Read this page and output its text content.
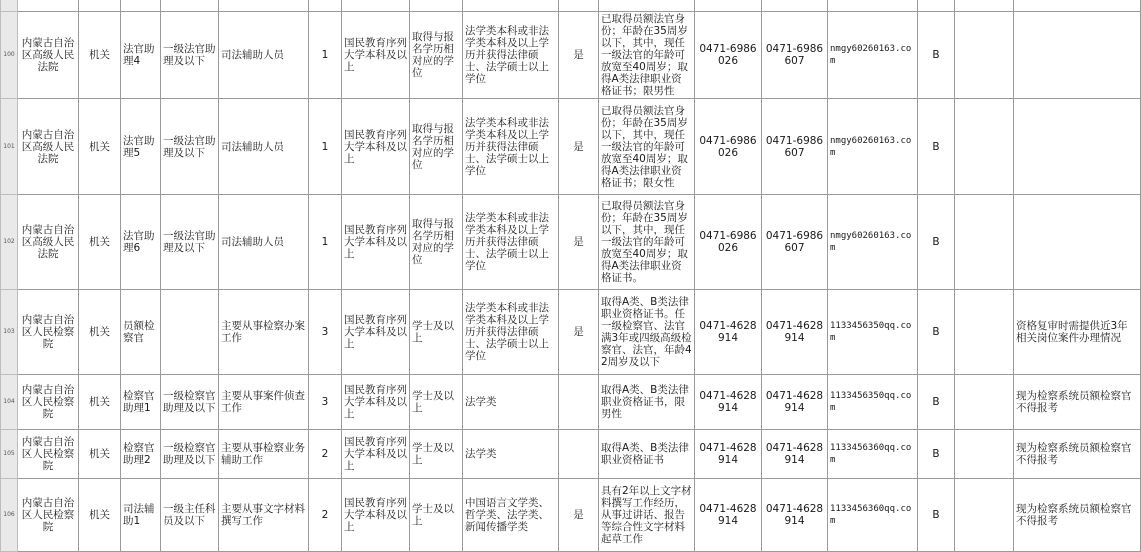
100	内蒙古自治区高级人民法院	机关	法官助理4	一级法官助理及以下	司法辅助人员	1	国民教育序列大学本科及以上	取得与报名学历相对应的学位	法学类本科或非法学类本科及以上学历并获得法律硕士、法学硕士以上学位	是	已取得员额法官身份；年龄在35周岁以下，其中，现任一级法官的年龄可放宽至40周岁；取得A类法律职业资格证书；限男性	0471-6986026	0471-6986607	nmgy60260163.com	B		
101	内蒙古自治区高级人民法院	机关	法官助理5	一级法官助理及以下	司法辅助人员	1	国民教育序列大学本科及以上	取得与报名学历相对应的学位	法学类本科或非法学类本科及以上学历并获得法律硕士、法学硕士以上学位	是	已取得员额法官身份；年龄在35周岁以下，其中，现任一级法官的年龄可放宽至40周岁；取得A类法律职业资格证书；限女性	0471-6986026	0471-6986607	nmgy60260163.com	B		
102	内蒙古自治区高级人民法院	机关	法官助理6	一级法官助理及以下	司法辅助人员	1	国民教育序列大学本科及以上	取得与报名学历相对应的学位	法学类本科或非法学类本科及以上学历并获得法律硕士、法学硕士以上学位	是	已取得员额法官身份；年龄在35周岁以下，其中，现任一级法官的年龄可放宽至40周岁；取得A类法律职业资格证书。	0471-6986026	0471-6986607	nmgy60260163.com	B		
103	内蒙古自治区人民检察院	机关	员额检察官		主要从事检察办案工作	3	国民教育序列大学本科及以上	学士及以上	法学类本科或非法学类本科及以上学历并获得法律硕士、法学硕士以上学位	是	取得A类、B类法律职业资格证书。任一级检察官、法官满3年或四级高级检察官、法官，年龄42周岁及以下	0471-4628914	0471-4628914	1133456350qq.com	B		资格复审时需提供近3年相关岗位案件办理情况
104	内蒙古自治区人民检察院	机关	检察官助理1	一级检察官助理及以下	主要从事案件侦查工作	3	国民教育序列大学本科及以上	学士及以上	法学类		取得A类、B类法律职业资格证书，限男性	0471-4628914	0471-4628914	1133456350qq.com	B		现为检察系统员额检察官不得报考
105	内蒙古自治区人民检察院	机关	检察官助理2	一级检察官助理及以下	主要从事检察业务辅助工作	2	国民教育序列大学本科及以上	学士及以上	法学类		取得A类、B类法律职业资格证书	0471-4628914	0471-4628914	1133456360qq.com	B		现为检察系统员额检察官不得报考
106	内蒙古自治区人民检察院	机关	司法辅助1	一级主任科员及以下	主要从事文字材料撰写工作	2	国民教育序列大学本科及以上	学士及以上	中国语言文学类、哲学类、法学类、新闻传播学类	是	具有2年以上文字材料撰写工作经历，从事过讲话、报告等综合性文字材料起草工作	0471-4628914	0471-4628914	1133456360qq.com	B		现为检察系统员额检察官不得报考
